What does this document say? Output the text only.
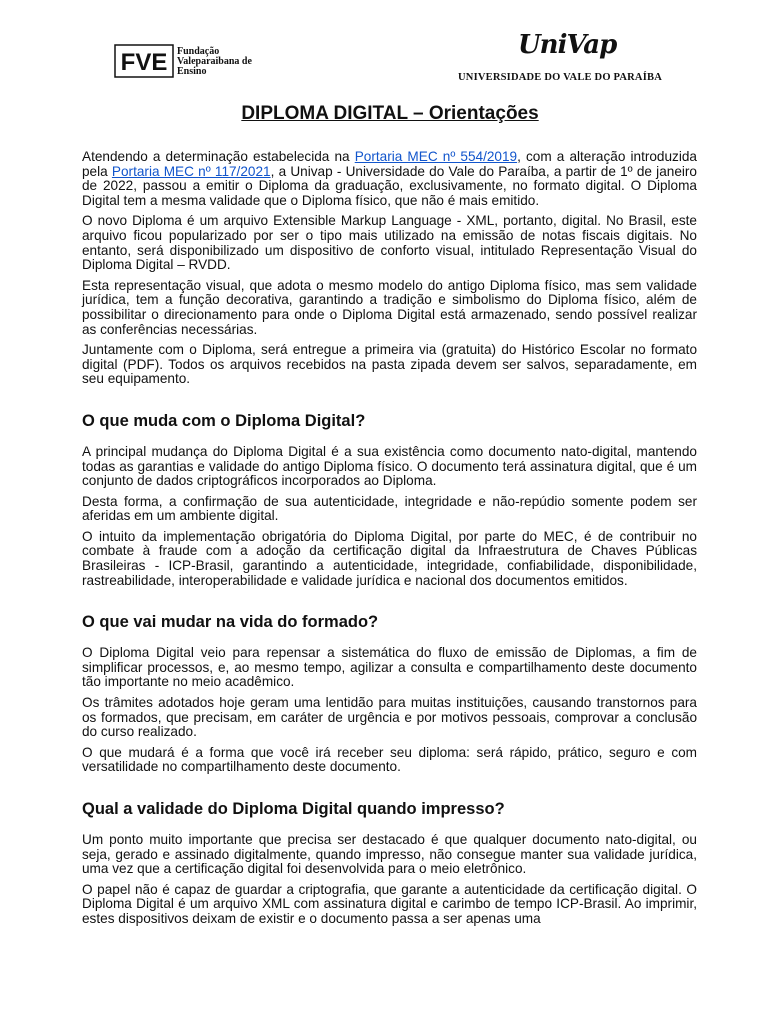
FVE Fundação
Valeparaibana de
Ensino
UniVap
UNIVERSIDADE DO VALE DO PARAÍBA
DIPLOMA DIGITAL – Orientações

Atendendo a determinação estabelecida na Portaria MEC nº 554/2019, com a alteração introduzida pela Portaria MEC nº 117/2021, a Univap - Universidade do Vale do Paraíba, a partir de 1º de janeiro de 2022, passou a emitir o Diploma da graduação, exclusivamente, no formato digital. O Diploma Digital tem a mesma validade que o Diploma físico, que não é mais emitido.

O novo Diploma é um arquivo Extensible Markup Language - XML, portanto, digital. No Brasil, este arquivo ficou popularizado por ser o tipo mais utilizado na emissão de notas fiscais digitais. No entanto, será disponibilizado um dispositivo de conforto visual, intitulado Representação Visual do Diploma Digital – RVDD.

Esta representação visual, que adota o mesmo modelo do antigo Diploma físico, mas sem validade jurídica, tem a função decorativa, garantindo a tradição e simbolismo do Diploma físico, além de possibilitar o direcionamento para onde o Diploma Digital está armazenado, sendo possível realizar as conferências necessárias.

Juntamente com o Diploma, será entregue a primeira via (gratuita) do Histórico Escolar no formato digital (PDF). Todos os arquivos recebidos na pasta zipada devem ser salvos, separadamente, em seu equipamento.

O que muda com o Diploma Digital?

A principal mudança do Diploma Digital é a sua existência como documento nato-digital, mantendo todas as garantias e validade do antigo Diploma físico. O documento terá assinatura digital, que é um conjunto de dados criptográficos incorporados ao Diploma.

Desta forma, a confirmação de sua autenticidade, integridade e não-repúdio somente podem ser aferidas em um ambiente digital.

O intuito da implementação obrigatória do Diploma Digital, por parte do MEC, é de contribuir no combate à fraude com a adoção da certificação digital da Infraestrutura de Chaves Públicas Brasileiras - ICP-Brasil, garantindo a autenticidade, integridade, confiabilidade, disponibilidade, rastreabilidade, interoperabilidade e validade jurídica e nacional dos documentos emitidos.

O que vai mudar na vida do formado?

O Diploma Digital veio para repensar a sistemática do fluxo de emissão de Diplomas, a fim de simplificar processos, e, ao mesmo tempo, agilizar a consulta e compartilhamento deste documento tão importante no meio acadêmico.

Os trâmites adotados hoje geram uma lentidão para muitas instituições, causando transtornos para os formados, que precisam, em caráter de urgência e por motivos pessoais, comprovar a conclusão do curso realizado.

O que mudará é a forma que você irá receber seu diploma: será rápido, prático, seguro e com versatilidade no compartilhamento deste documento.

Qual a validade do Diploma Digital quando impresso?

Um ponto muito importante que precisa ser destacado é que qualquer documento nato-digital, ou seja, gerado e assinado digitalmente, quando impresso, não consegue manter sua validade jurídica, uma vez que a certificação digital foi desenvolvida para o meio eletrônico.

O papel não é capaz de guardar a criptografia, que garante a autenticidade da certificação digital. O Diploma Digital é um arquivo XML com assinatura digital e carimbo de tempo ICP-Brasil. Ao imprimir, estes dispositivos deixam de existir e o documento passa a ser apenas uma
